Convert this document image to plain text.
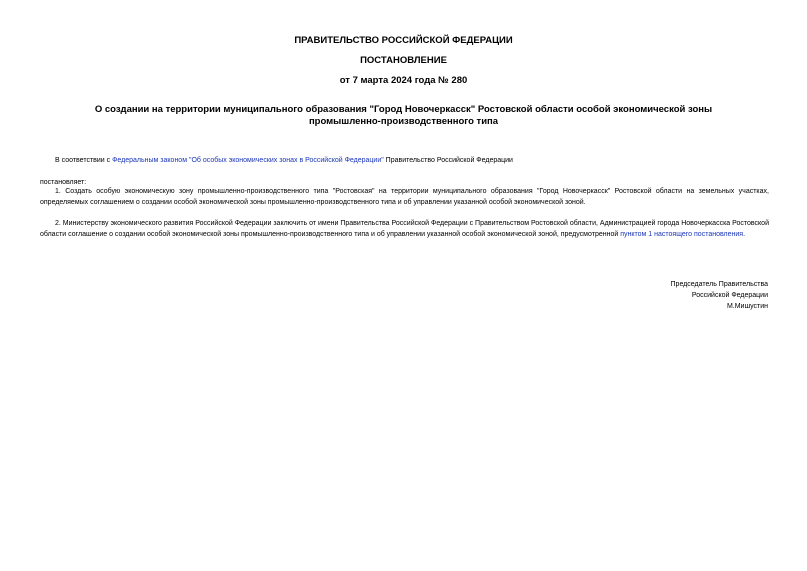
ПРАВИТЕЛЬСТВО РОССИЙСКОЙ ФЕДЕРАЦИИ
ПОСТАНОВЛЕНИЕ
от 7 марта 2024 года № 280
О создании на территории муниципального образования "Город Новочеркасск" Ростовской области особой экономической зоны промышленно-производственного типа
В соответствии с Федеральным законом "Об особых экономических зонах в Российской Федерации" Правительство Российской Федерации
постановляет:
1. Создать особую экономическую зону промышленно-производственного типа "Ростовская" на территории муниципального образования "Город Новочеркасск" Ростовской области на земельных участках, определяемых соглашением о создании особой экономической зоны промышленно-производственного типа и об управлении указанной особой экономической зоной.
2. Министерству экономического развития Российской Федерации заключить от имени Правительства Российской Федерации с Правительством Ростовской области, Администрацией города Новочеркасска Ростовской области соглашение о создании особой экономической зоны промышленно-производственного типа и об управлении указанной особой экономической зоной, предусмотренной пунктом 1 настоящего постановления.
Председатель Правительства
Российской Федерации
М.Мишустин
